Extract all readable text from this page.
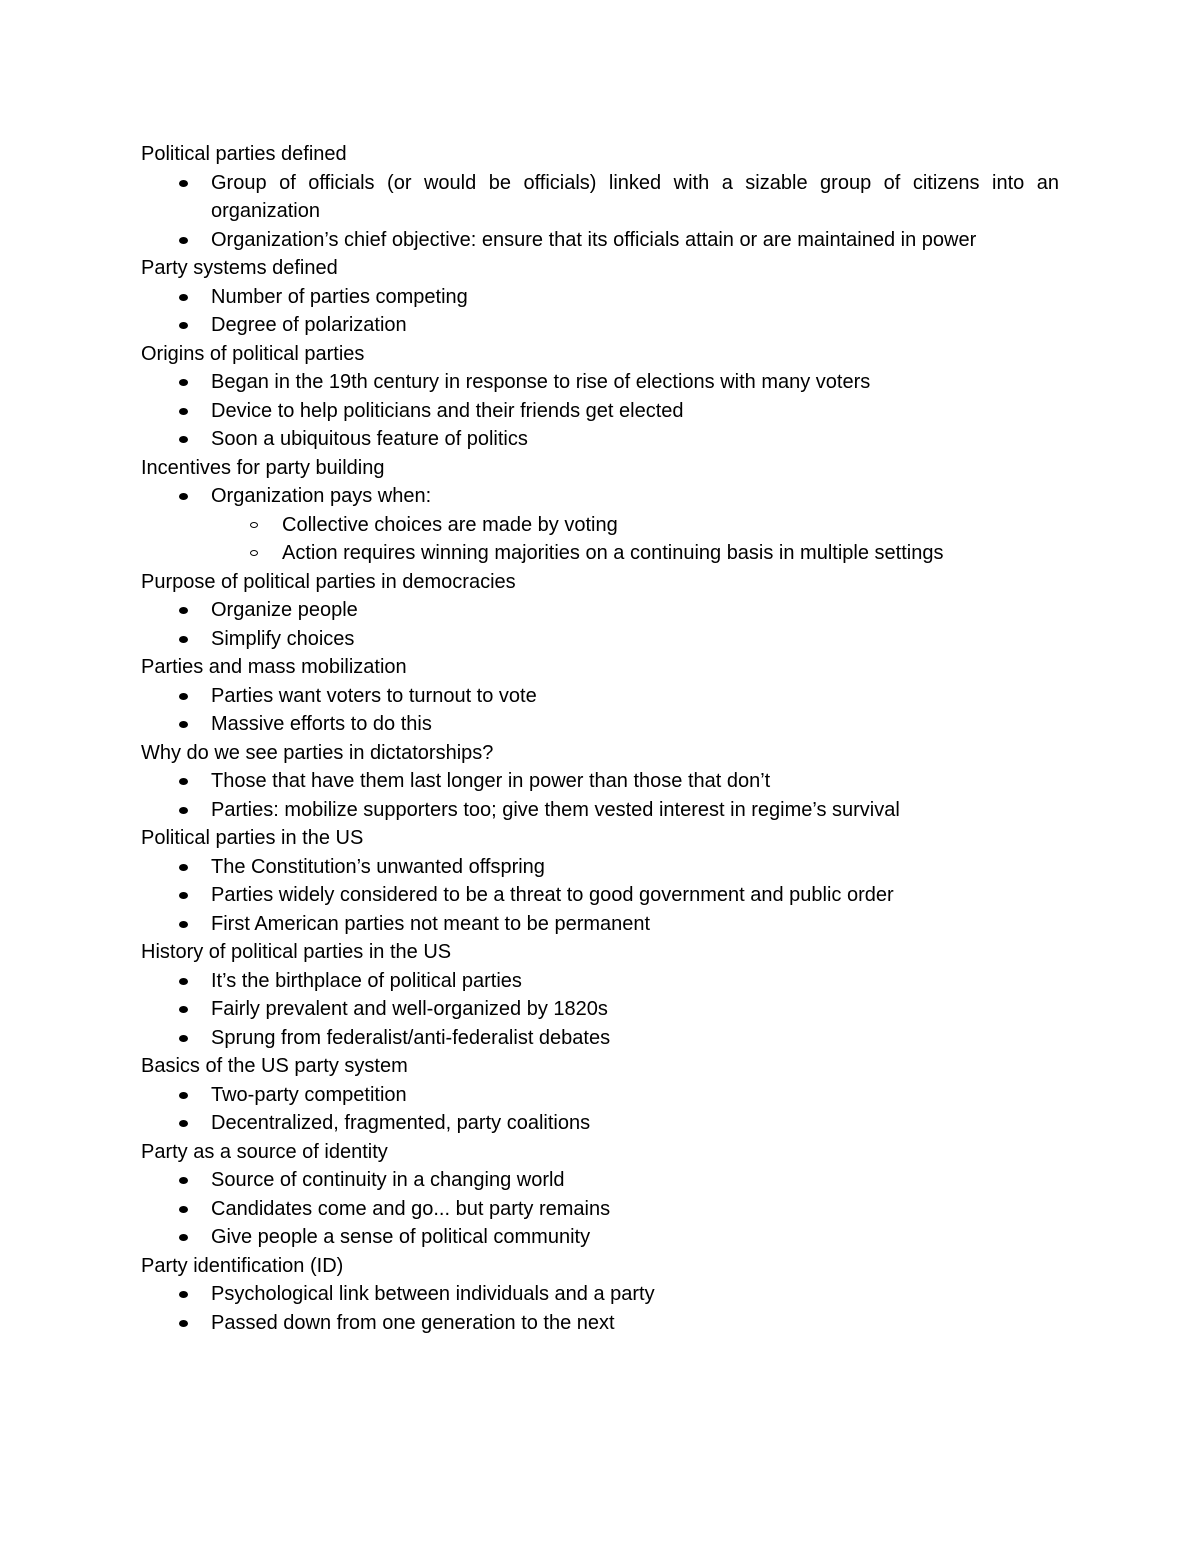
Political parties defined
Group of officials (or would be officials) linked with a sizable group of citizens into an organization
Organization’s chief objective: ensure that its officials attain or are maintained in power
Party systems defined
Number of parties competing
Degree of polarization
Origins of political parties
Began in the 19th century in response to rise of elections with many voters
Device to help politicians and their friends get elected
Soon a ubiquitous feature of politics
Incentives for party building
Organization pays when:
Collective choices are made by voting
Action requires winning majorities on a continuing basis in multiple settings
Purpose of political parties in democracies
Organize people
Simplify choices
Parties and mass mobilization
Parties want voters to turnout to vote
Massive efforts to do this
Why do we see parties in dictatorships?
Those that have them last longer in power than those that don’t
Parties: mobilize supporters too; give them vested interest in regime’s survival
Political parties in the US
The Constitution’s unwanted offspring
Parties widely considered to be a threat to good government and public order
First American parties not meant to be permanent
History of political parties in the US
It’s the birthplace of political parties
Fairly prevalent and well-organized by 1820s
Sprung from federalist/anti-federalist debates
Basics of the US party system
Two-party competition
Decentralized, fragmented, party coalitions
Party as a source of identity
Source of continuity in a changing world
Candidates come and go... but party remains
Give people a sense of political community
Party identification (ID)
Psychological link between individuals and a party
Passed down from one generation to the next
